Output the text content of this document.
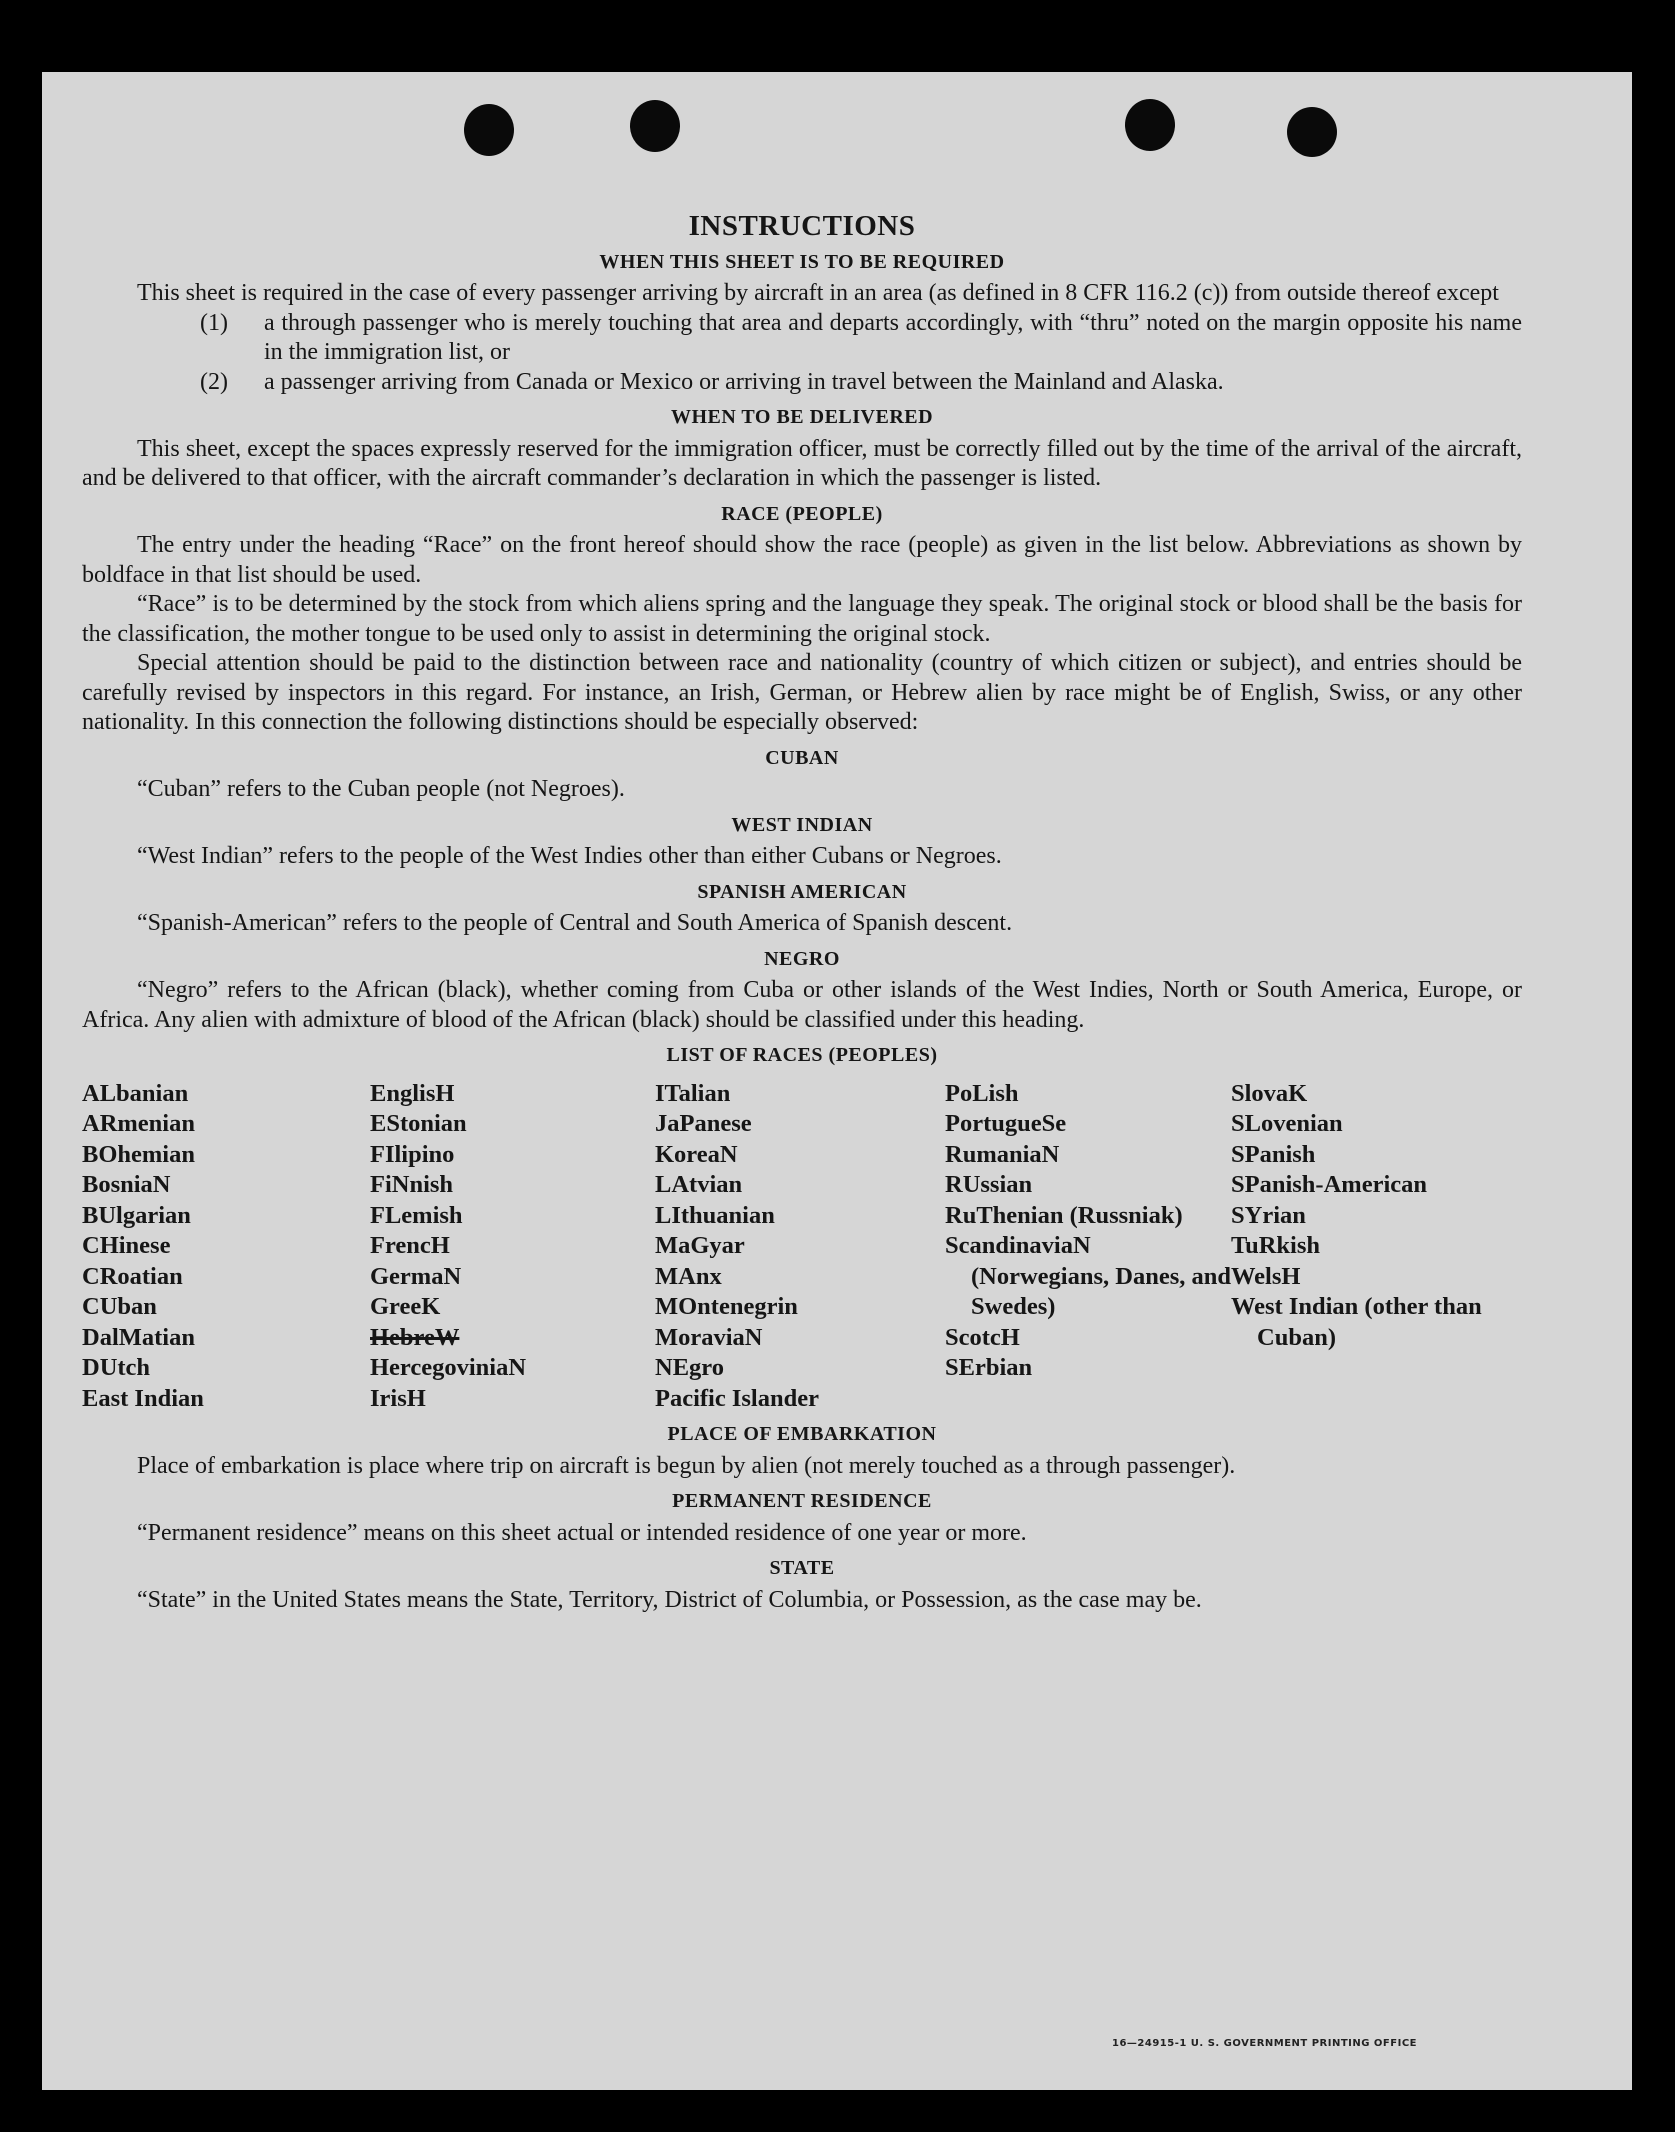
INSTRUCTIONS
WHEN THIS SHEET IS TO BE REQUIRED

This sheet is required in the case of every passenger arriving by aircraft in an area (as defined in 8 CFR 116.2 (c)) from outside thereof except

(1)	a through passenger who is merely touching that area and departs accordingly, with “thru” noted on the margin opposite his name in the immigration list, or
(2)	a passenger arriving from Canada or Mexico or arriving in travel between the Mainland and Alaska.
WHEN TO BE DELIVERED

This sheet, except the spaces expressly reserved for the immigration officer, must be correctly filled out by the time of the arrival of the aircraft, and be delivered to that officer, with the aircraft commander’s declaration in which the passenger is listed.

RACE (PEOPLE)

The entry under the heading “Race” on the front hereof should show the race (people) as given in the list below. Abbreviations as shown by boldface in that list should be used.

“Race” is to be determined by the stock from which aliens spring and the language they speak. The original stock or blood shall be the basis for the classification, the mother tongue to be used only to assist in determining the original stock.

Special attention should be paid to the distinction between race and nationality (country of which citizen or subject), and entries should be carefully revised by inspectors in this regard. For instance, an Irish, German, or Hebrew alien by race might be of English, Swiss, or any other nationality. In this connection the following distinctions should be especially observed:

CUBAN

“Cuban” refers to the Cuban people (not Negroes).

WEST INDIAN

“West Indian” refers to the people of the West Indies other than either Cubans or Negroes.

SPANISH AMERICAN

“Spanish-American” refers to the people of Central and South America of Spanish descent.

NEGRO

“Negro” refers to the African (black), whether coming from Cuba or other islands of the West Indies, North or South America, Europe, or Africa. Any alien with admixture of blood of the African (black) should be classified under this heading.

LIST OF RACES (PEOPLES)

ALbanian

ARmenian

BOhemian

BosniaN

BUlgarian

CHinese

CRoatian

CUban

DalMatian

DUtch

East Indian

EnglisH

EStonian

FIlipino

FiNnish

FLemish

FrencH

GermaN

GreeK

HebreW

HercegoviniaN

IrisH

ITalian

JaPanese

KoreaN

LAtvian

LIthuanian

MaGyar

MAnx

MOntenegrin

MoraviaN

NEgro

Pacific Islander

PoLish

PortugueSe

RumaniaN

RUssian

RuThenian (Russniak)

ScandinaviaN (Norwegians, Danes, and Swedes)

ScotcH

SErbian

SlovaK

SLovenian

SPanish

SPanish-American

SYrian

TuRkish

WelsH

West Indian (other than Cuban)

PLACE OF EMBARKATION

Place of embarkation is place where trip on aircraft is begun by alien (not merely touched as a through passenger).

PERMANENT RESIDENCE

“Permanent residence” means on this sheet actual or intended residence of one year or more.

STATE

“State” in the United States means the State, Territory, District of Columbia, or Possession, as the case may be.

16—24915-1 U. S. GOVERNMENT PRINTING OFFICE
